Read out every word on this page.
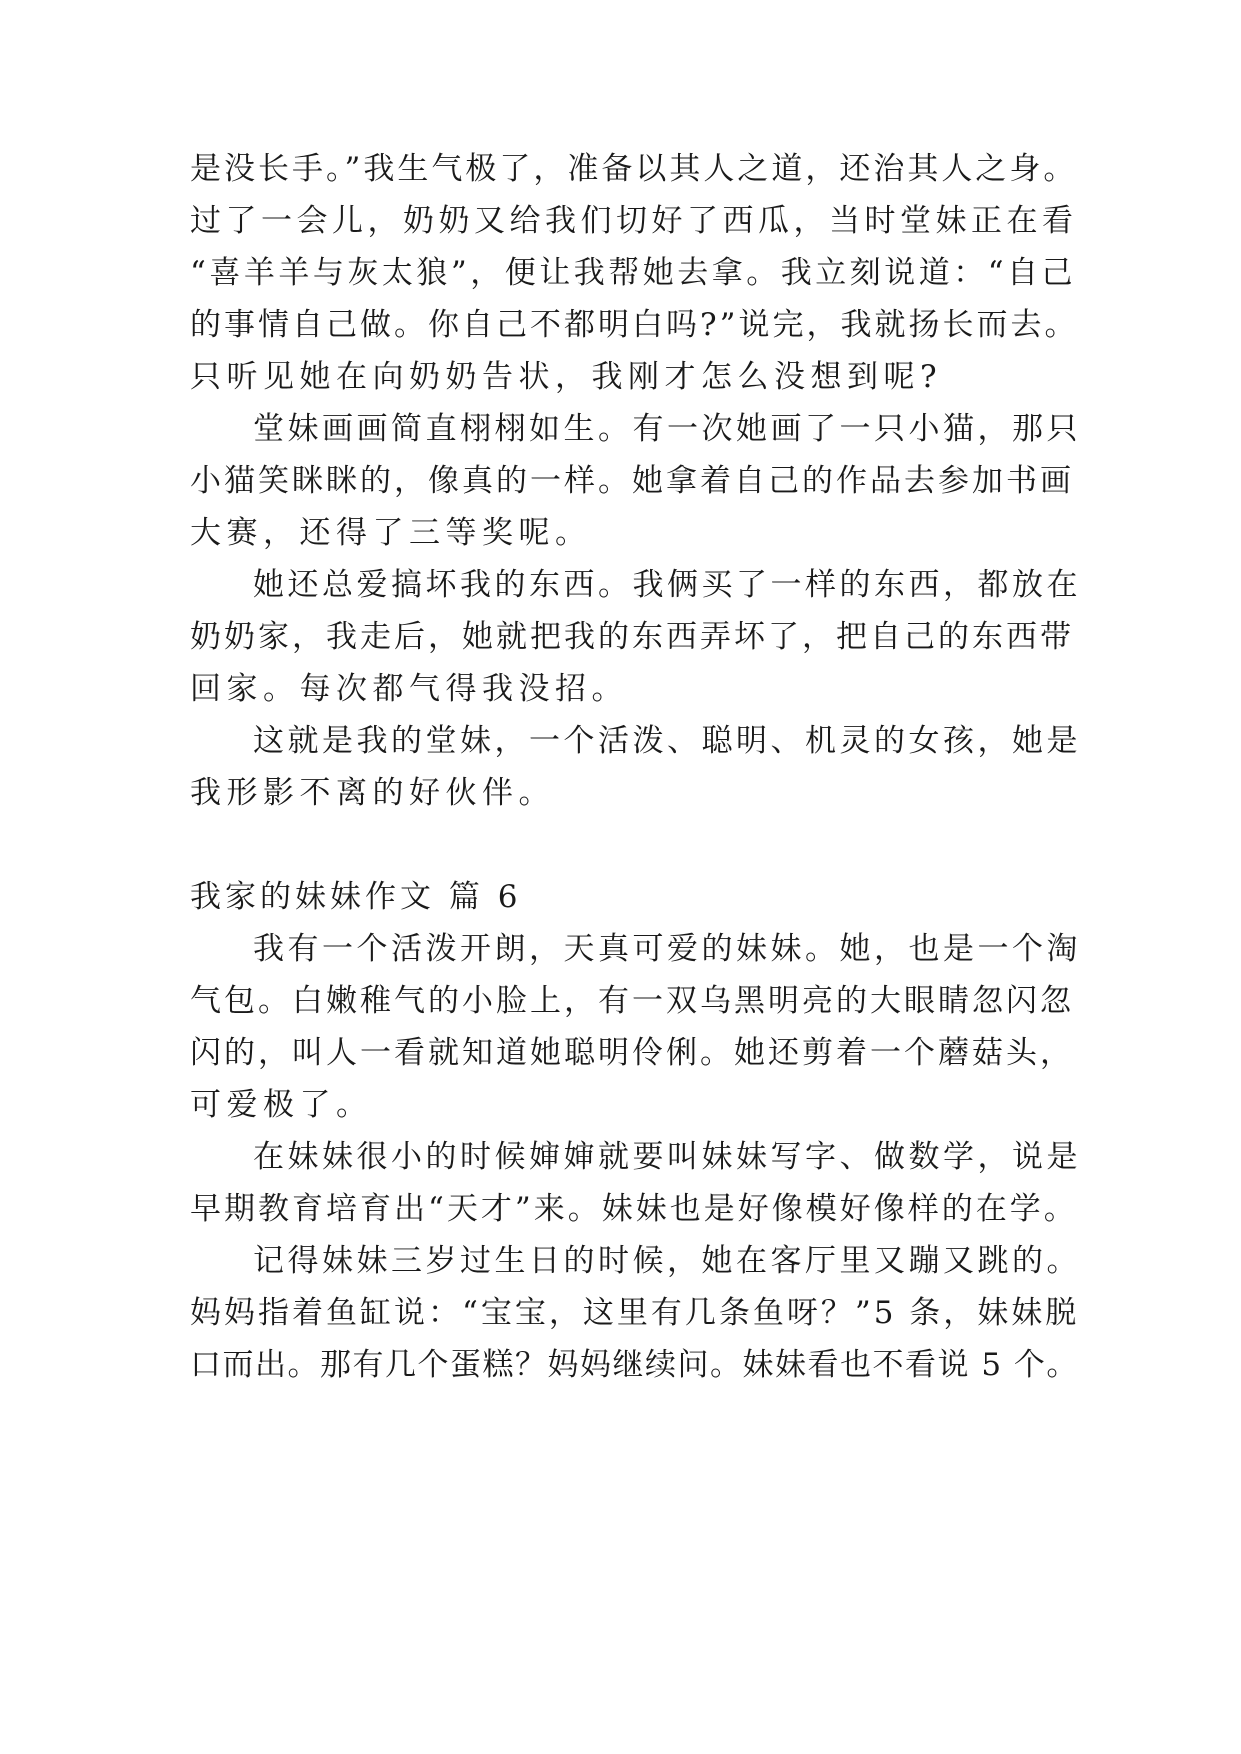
是没长手。”我生气极了，准备以其人之道，还治其人之身。
过了一会儿，奶奶又给我们切好了西瓜，当时堂妹正在看
“喜羊羊与灰太狼”，便让我帮她去拿。我立刻说道：“自己
的事情自己做。你自己不都明白吗?”说完，我就扬长而去。
只听见她在向奶奶告状，我刚才怎么没想到呢?
堂妹画画简直栩栩如生。有一次她画了一只小猫，那只
小猫笑眯眯的，像真的一样。她拿着自己的作品去参加书画
大赛，还得了三等奖呢。
她还总爱搞坏我的东西。我俩买了一样的东西，都放在
奶奶家，我走后，她就把我的东西弄坏了，把自己的东西带
回家。每次都气得我没招。
这就是我的堂妹，一个活泼、聪明、机灵的女孩，她是
我形影不离的好伙伴。
我家的妹妹作文 篇 6
我有一个活泼开朗，天真可爱的妹妹。她，也是一个淘
气包。白嫩稚气的小脸上，有一双乌黑明亮的大眼睛忽闪忽
闪的，叫人一看就知道她聪明伶俐。她还剪着一个蘑菇头，
可爱极了。
在妹妹很小的时候婶婶就要叫妹妹写字、做数学，说是
早期教育培育出“天才”来。妹妹也是好像模好像样的在学。
记得妹妹三岁过生日的时候，她在客厅里又蹦又跳的。
妈妈指着鱼缸说：“宝宝，这里有几条鱼呀？”5 条，妹妹脱
口而出。那有几个蛋糕？妈妈继续问。妹妹看也不看说 5 个。
